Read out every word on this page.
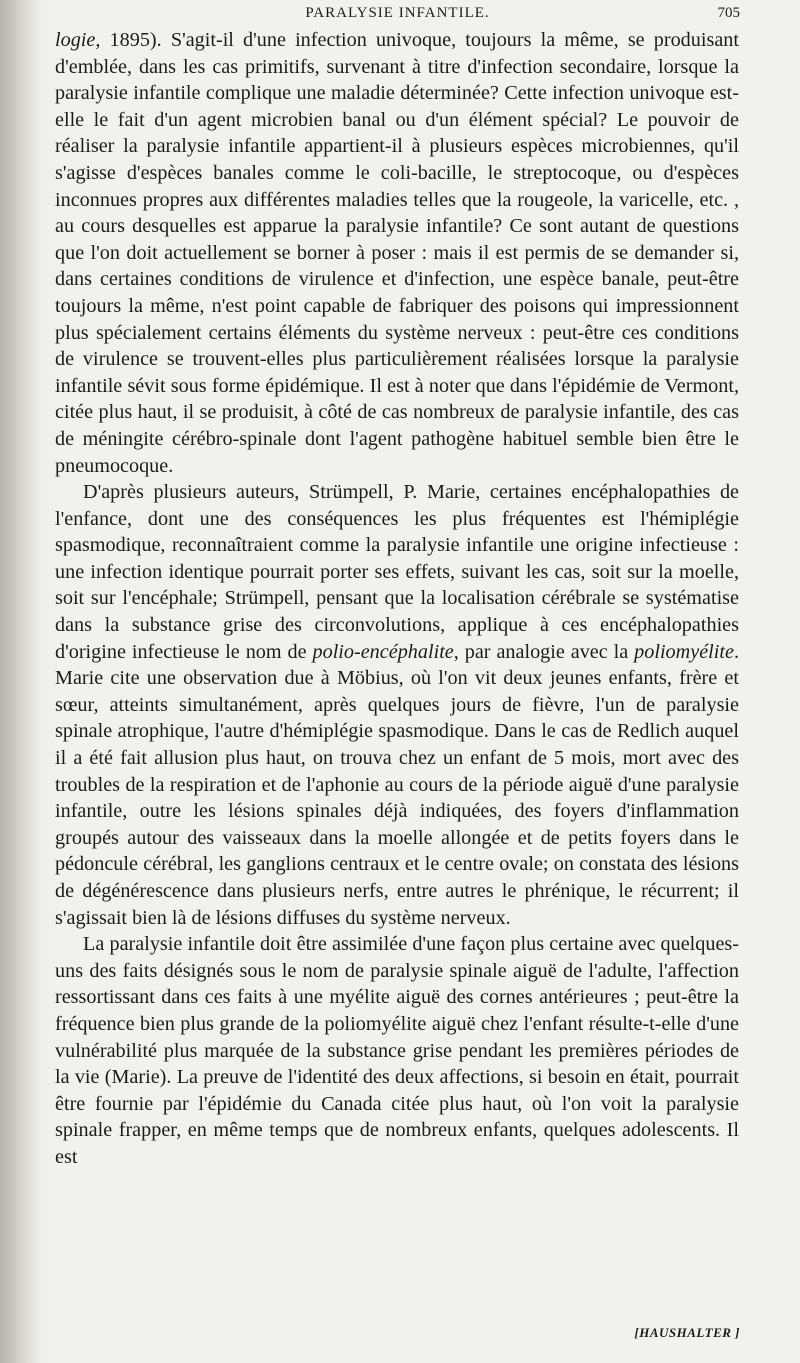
PARALYSIE INFANTILE.	705

logie, 1895). S'agit-il d'une infection univoque, toujours la même, se produisant d'emblée, dans les cas primitifs, survenant à titre d'infection secondaire, lorsque la paralysie infantile complique une maladie déterminée? Cette infection univoque est-elle le fait d'un agent microbien banal ou d'un élément spécial? Le pouvoir de réaliser la paralysie infantile appartient-il à plusieurs espèces microbiennes, qu'il s'agisse d'espèces banales comme le coli-bacille, le streptocoque, ou d'espèces inconnues propres aux différentes maladies telles que la rougeole, la varicelle, etc. , au cours desquelles est apparue la paralysie infantile? Ce sont autant de questions que l'on doit actuellement se borner à poser : mais il est permis de se demander si, dans certaines conditions de virulence et d'infection, une espèce banale, peut-être toujours la même, n'est point capable de fabriquer des poisons qui impressionnent plus spécialement certains éléments du système nerveux : peut-être ces conditions de virulence se trouvent-elles plus particulièrement réalisées lorsque la paralysie infantile sévit sous forme épidémique. Il est à noter que dans l'épidémie de Vermont, citée plus haut, il se produisit, à côté de cas nombreux de paralysie infantile, des cas de méningite cérébro-spinale dont l'agent pathogène habituel semble bien être le pneumocoque.

D'après plusieurs auteurs, Strümpell, P. Marie, certaines encéphalopathies de l'enfance, dont une des conséquences les plus fréquentes est l'hémiplégie spasmodique, reconnaîtraient comme la paralysie infantile une origine infectieuse : une infection identique pourrait porter ses effets, suivant les cas, soit sur la moelle, soit sur l'encéphale; Strümpell, pensant que la localisation cérébrale se systématise dans la substance grise des circonvolutions, applique à ces encéphalopathies d'origine infectieuse le nom de polio-encéphalite, par analogie avec la poliomyélite. Marie cite une observation due à Möbius, où l'on vit deux jeunes enfants, frère et sœur, atteints simultanément, après quelques jours de fièvre, l'un de paralysie spinale atrophique, l'autre d'hémiplégie spasmodique. Dans le cas de Redlich auquel il a été fait allusion plus haut, on trouva chez un enfant de 5 mois, mort avec des troubles de la respiration et de l'aphonie au cours de la période aiguë d'une paralysie infantile, outre les lésions spinales déjà indiquées, des foyers d'inflammation groupés autour des vaisseaux dans la moelle allongée et de petits foyers dans le pédoncule cérébral, les ganglions centraux et le centre ovale; on constata des lésions de dégénérescence dans plusieurs nerfs, entre autres le phrénique, le récurrent; il s'agissait bien là de lésions diffuses du système nerveux.

La paralysie infantile doit être assimilée d'une façon plus certaine avec quelques-uns des faits désignés sous le nom de paralysie spinale aiguë de l'adulte, l'affection ressortissant dans ces faits à une myélite aiguë des cornes antérieures ; peut-être la fréquence bien plus grande de la poliomyélite aiguë chez l'enfant résulte-t-elle d'une vulnérabilité plus marquée de la substance grise pendant les premières périodes de la vie (Marie). La preuve de l'identité des deux affections, si besoin en était, pourrait être fournie par l'épidémie du Canada citée plus haut, où l'on voit la paralysie spinale frapper, en même temps que de nombreux enfants, quelques adolescents. Il est

[HAUSHALTER ]
